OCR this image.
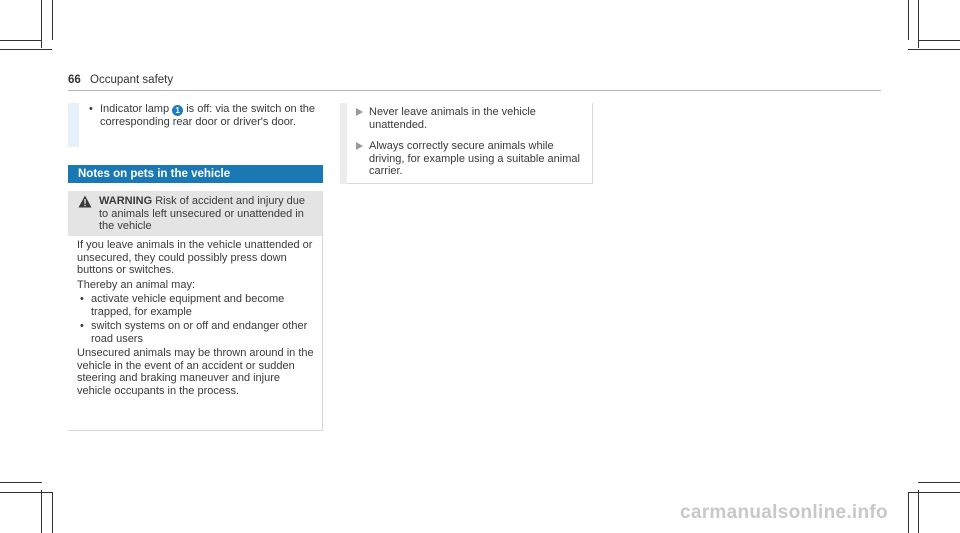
66 Occupant safety
• Indicator lamp 1 is off: via the switch on the corresponding rear door or driver's door.
Notes on pets in the vehicle
WARNING Risk of accident and injury due to animals left unsecured or unattended in the vehicle

If you leave animals in the vehicle unattended or unsecured, they could possibly press down buttons or switches.

Thereby an animal may:

• activate vehicle equipment and become trapped, for example
• switch systems on or off and endanger other road users

Unsecured animals may be thrown around in the vehicle in the event of an accident or sudden steering and braking maneuver and injure vehicle occupants in the process.

Never leave animals in the vehicle unattended.
Always correctly secure animals while driving, for example using a suitable animal carrier.
carmanualsonline.info
